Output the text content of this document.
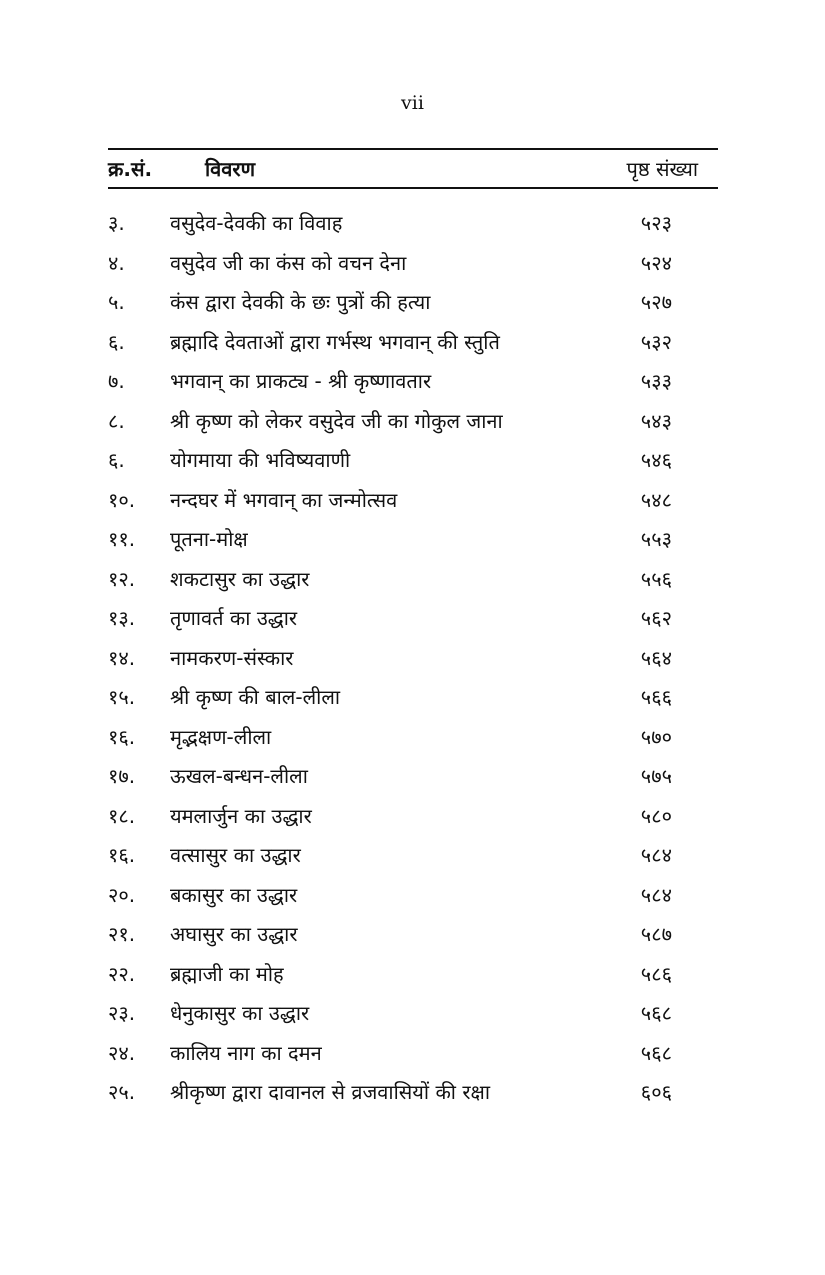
vii
क्र.सं.	विवरण	पृष्ठ संख्या
३. वसुदेव-देवकी का विवाह	५२३
४. वसुदेव जी का कंस को वचन देना	५२४
५. कंस द्वारा देवकी के छः पुत्रों की हत्या	५२७
६. ब्रह्मादि देवताओं द्वारा गर्भस्थ भगवान् की स्तुति	५३२
७. भगवान् का प्राकट्य - श्री कृष्णावतार	५३३
८. श्री कृष्ण को लेकर वसुदेव जी का गोकुल जाना	५४३
६. योगमाया की भविष्यवाणी	५४६
१०. नन्दघर में भगवान् का जन्मोत्सव	५४८
११. पूतना-मोक्ष	५५३
१२. शकटासुर का उद्धार	५५६
१३. तृणावर्त का उद्धार	५६२
१४. नामकरण-संस्कार	५६४
१५. श्री कृष्ण की बाल-लीला	५६६
१६. मृद्भक्षण-लीला	५७०
१७. ऊखल-बन्धन-लीला	५७५
१८. यमलार्जुन का उद्धार	५८०
१६. वत्सासुर का उद्धार	५८४
२०. बकासुर का उद्धार	५८४
२१. अघासुर का उद्धार	५८७
२२. ब्रह्माजी का मोह	५८६
२३. धेनुकासुर का उद्धार	५६८
२४. कालिय नाग का दमन	५६८
२५. श्रीकृष्ण द्वारा दावानल से व्रजवासियों की रक्षा	६०६
